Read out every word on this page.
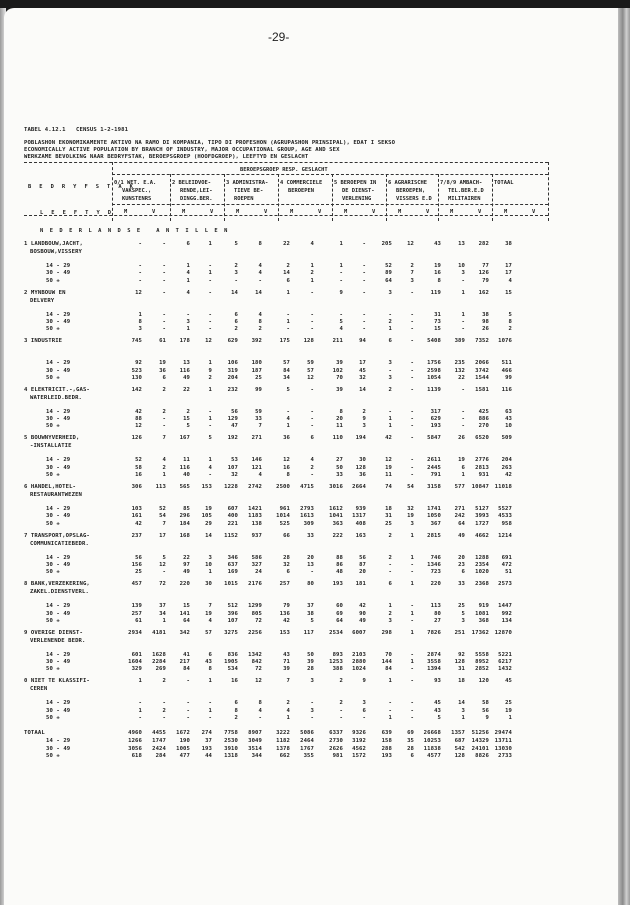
-29-
TABEL 4.12.1   CENSUS 1-2-1981
POBLASHON EKONOMIKAMENTE AKTIVO NA RAMO DI KOMPANIA, TIPO DI PROFESHON (AGRUPASHON PRINSIPAL), EDAT I SEKSO
ECONOMICALLY ACTIVE POPULATION BY BRANCH OF INDUSTRY, MAJOR OCCUPATIONAL GROUP, AGE AND SEX
WERKZAME BEVOLKING NAAR BEDRYFSTAK, BEROEPSGROEP (HOOFDGROEP), LEEFTYD EN GESLACHT
BEROEPSGROEP RESP. GESLACHT
B E D R Y F S T A K
L E E F T Y D
0/1 WET. E.A.
VAKSPEC.,
KUNSTENRS
M	V
2 BELEIDVOE-
RENDE,LEI-
DINGG.BER.
M	V
3 ADMINISTRA-
TIEVE BE-
ROEPEN
M	V
4 COMMERCIELE
BEROEPEN
M	V
5 BEROEPEN IN
DE DIENST-
VERLENING
M	V
6 AGRARISCHE
BEROEPEN,
VISSERS E.D
M	V
7/8/9 AMBACH-
TEL.BER.E.D
MILITAIREN
M	V
TOTAAL
M	V
N E D E R L A N D S E   A N T I L L E N
1 LANDBOUW,JACHT,
BOSBOUW,VISSERY
-	-	6	1	5	8	22	4	1	-	205	12	43	13	282	38
14 - 29	-	-	1	-	2	4	2	1	1	-	52	2	19	10	77	17
30 - 49	-	-	4	1	3	4	14	2	-	-	89	7	16	3	126	17
50 +	-	-	1	-	-	-	6	1	-	-	64	3	8	-	79	4
2 MYNBOUW EN
DELVERY
12	-	4	-	14	14	1	-	9	-	3	-	119	1	162	15
14 - 29	1	-	-	-	6	4	-	-	-	-	-	-	31	1	38	5
30 - 49	8	-	3	-	6	8	1	-	5	-	2	-	73	-	98	8
50 +	3	-	1	-	2	2	-	-	4	-	1	-	15	-	26	2
3 INDUSTRIE	745	61	178	12	629	392	175	128	211	94	6	-	5408	389	7352	1076
14 - 29	92	19	13	1	106	180	57	59	39	17	3	-	1756	235	2066	511
30 - 49	523	36	116	9	319	187	84	57	102	45	-	-	2598	132	3742	466
50 +	130	6	49	2	204	25	34	12	70	32	3	-	1054	22	1544	99
4 ELEKTRICIT.-,GAS-
WATERLEID.BEDR.
142	2	22	1	232	99	5	-	39	14	2	-	1139	-	1581	116
14 - 29	42	2	2	-	56	59	-	-	8	2	-	-	317	-	425	63
30 - 49	88	-	15	1	129	33	4	-	20	9	1	-	629	-	886	43
50 +	12	-	5	-	47	7	1	-	11	3	1	-	193	-	270	10
5 BOUWNYVERHEID,
-INSTALLATIE
126	7	167	5	192	271	36	6	110	194	42	-	5847	26	6520	509
14 - 29	52	4	11	1	53	146	12	4	27	30	12	-	2611	19	2776	204
30 - 49	58	2	116	4	107	121	16	2	50	128	19	-	2445	6	2813	263
50 +	16	1	40	-	32	4	8	-	33	36	11	-	791	1	931	42
6 HANDEL,HOTEL-
RESTAURANTWEZEN
306	113	565	153	1228	2742	2500	4715	3016	2664	74	54	3158	577	10847	11018
14 - 29	103	52	85	19	607	1421	961	2793	1612	939	18	32	1741	271	5127	5527
30 - 49	161	54	296	105	400	1183	1014	1613	1041	1317	31	19	1050	242	3993	4533
50 +	42	7	184	29	221	138	525	309	363	408	25	3	367	64	1727	958
7 TRANSPORT,OPSLAG-
COMMUNICATIEBEDR.
237	17	168	14	1152	937	66	33	222	163	2	1	2815	49	4662	1214
14 - 29	56	5	22	3	346	586	28	20	88	56	2	1	746	20	1288	691
30 - 49	156	12	97	10	637	327	32	13	86	87	-	-	1346	23	2354	472
50 +	25	-	49	1	169	24	6	-	48	20	-	-	723	6	1020	51
8 BANK,VERZEKERING,
ZAKEL.DIENSTVERL.
457	72	220	30	1015	2176	257	80	193	181	6	1	220	33	2368	2573
14 - 29	139	37	15	7	512	1299	79	37	60	42	1	-	113	25	919	1447
30 - 49	257	34	141	19	396	805	136	38	69	90	2	1	80	5	1081	992
50 +	61	1	64	4	107	72	42	5	64	49	3	-	27	3	368	134
9 OVERIGE DIENST-
VERLENENDE BEDR.
2934	4181	342	57	3275	2256	153	117	2534	6007	298	1	7826	251	17362	12870
14 - 29	601	1628	41	6	836	1342	43	50	893	2103	70	-	2874	92	5558	5221
30 - 49	1604	2284	217	43	1905	842	71	39	1253	2880	144	1	3558	128	8952	6217
50 +	329	269	84	8	534	72	39	28	388	1024	84	-	1394	31	2852	1432
0 NIET TE KLASSIFI-
CEREN
1	2	-	1	16	12	7	3	2	9	1	-	93	18	120	45
14 - 29	-	-	-	-	6	8	2	-	2	3	-	-	45	14	58	25
30 - 49	1	2	-	1	8	4	4	3	-	6	-	-	43	3	56	19
50 +	-	-	-	-	2	-	1	-	-	-	1	-	5	1	9	1
TOTAAL	4960	4455	1672	274	7758	8907	3222	5086	6337	9326	639	69	26668	1357	51256	29474
14 - 29	1266	1747	190	37	2530	3049	1182	2464	2730	3192	158	35	10253	687	14329	13711
30 - 49	3056	2424	1005	193	3910	3514	1378	1767	2626	4562	288	28	11838	542	24101	13030
50 +	618	284	477	44	1318	344	662	355	981	1572	193	6	4577	128	8826	2733
